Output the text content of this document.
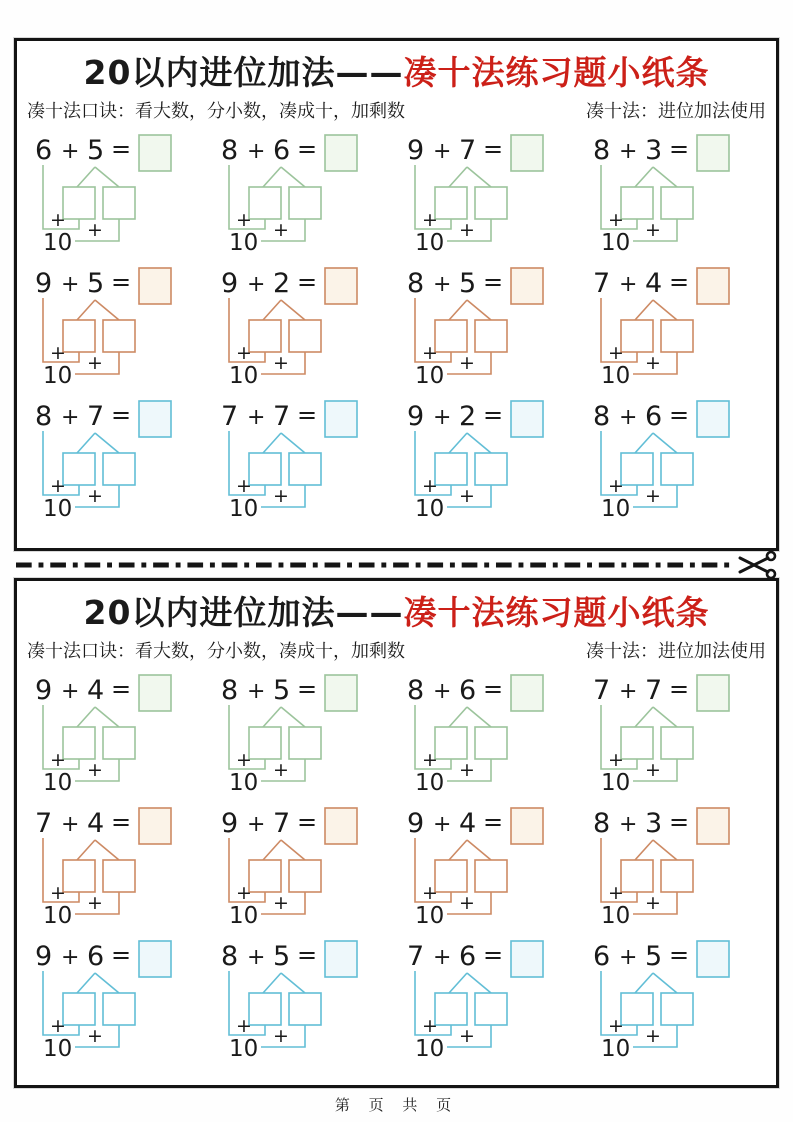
20以内进位加法——凑十法练习题小纸条
凑十法口诀：看大数，分小数，凑成十，加剩数	凑十法：进位加法使用
6 + 5 =
+
10 +
8 + 6 =
+
10 +
9 + 7 =
+
10 +
8 + 3 =
+
10 +
9 + 5 =
+
10 +
9 + 2 =
+
10 +
8 + 5 =
+
10 +
7 + 4 =
+
10 +
8 + 7 =
+
10 +
7 + 7 =
+
10 +
9 + 2 =
+
10 +
8 + 6 =
+
10 +
20以内进位加法——凑十法练习题小纸条
凑十法口诀：看大数，分小数，凑成十，加剩数	凑十法：进位加法使用
9 + 4 =
+
10 +
8 + 5 =
+
10 +
8 + 6 =
+
10 +
7 + 7 =
+
10 +
7 + 4 =
+
10 +
9 + 7 =
+
10 +
9 + 4 =
+
10 +
8 + 3 =
+
10 +
9 + 6 =
+
10 +
8 + 5 =
+
10 +
7 + 6 =
+
10 +
6 + 5 =
+
10 +
第 页 共 页
